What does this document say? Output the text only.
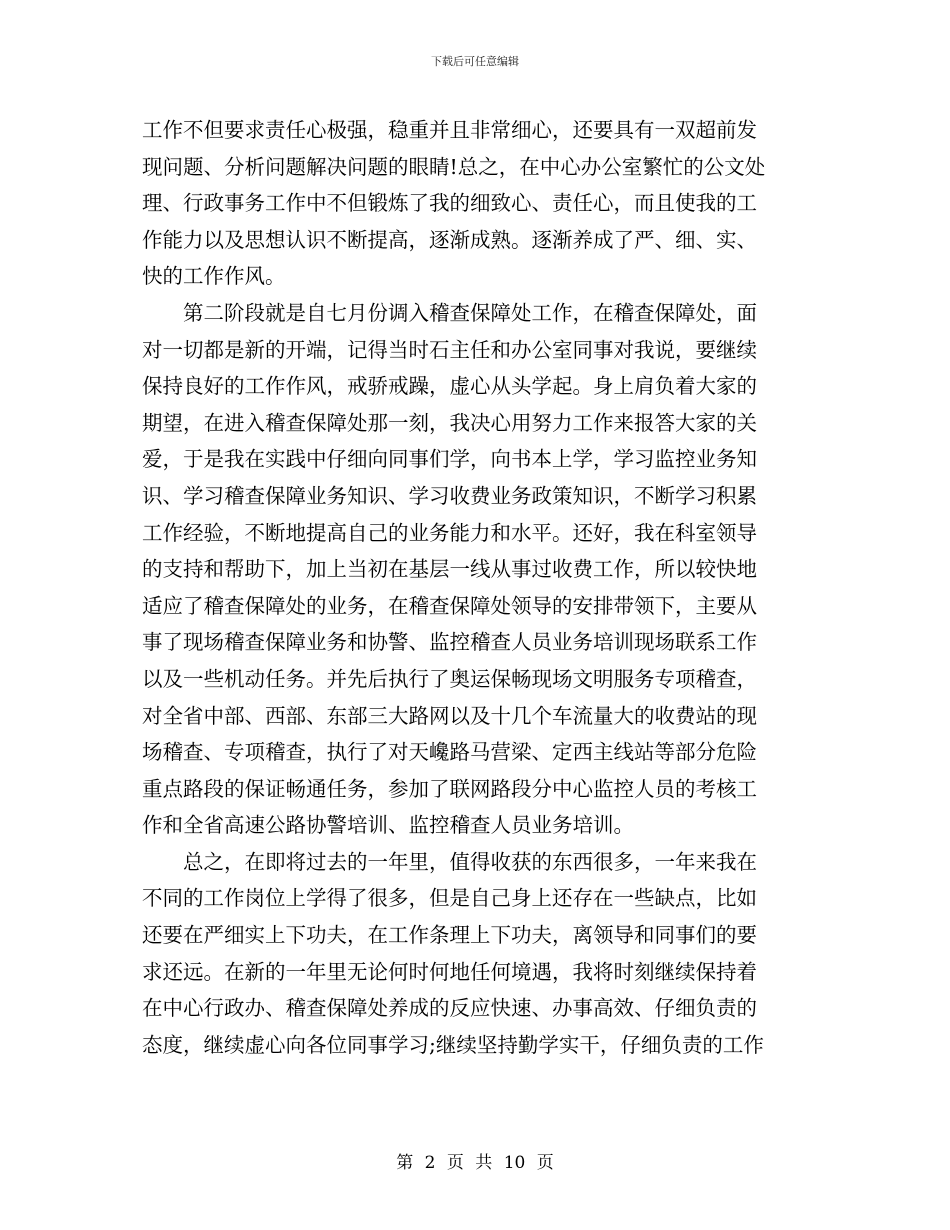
下载后可任意编辑
工作不但要求责任心极强，稳重并且非常细心，还要具有一双超前发
现问题、分析问题解决问题的眼睛!总之，在中心办公室繁忙的公文处
理、行政事务工作中不但锻炼了我的细致心、责任心，而且使我的工
作能力以及思想认识不断提高，逐渐成熟。逐渐养成了严、细、实、
快的工作作风。
第二阶段就是自七月份调入稽查保障处工作，在稽查保障处，面
对一切都是新的开端，记得当时石主任和办公室同事对我说，要继续
保持良好的工作作风，戒骄戒躁，虚心从头学起。身上肩负着大家的
期望，在进入稽查保障处那一刻，我决心用努力工作来报答大家的关
爱，于是我在实践中仔细向同事们学，向书本上学，学习监控业务知
识、学习稽查保障业务知识、学习收费业务政策知识，不断学习积累
工作经验，不断地提高自己的业务能力和水平。还好，我在科室领导
的支持和帮助下，加上当初在基层一线从事过收费工作，所以较快地
适应了稽查保障处的业务，在稽查保障处领导的安排带领下，主要从
事了现场稽查保障业务和协警、监控稽查人员业务培训现场联系工作
以及一些机动任务。并先后执行了奥运保畅现场文明服务专项稽查，
对全省中部、西部、东部三大路网以及十几个车流量大的收费站的现
场稽查、专项稽查，执行了对天巉路马营梁、定西主线站等部分危险
重点路段的保证畅通任务，参加了联网路段分中心监控人员的考核工
作和全省高速公路协警培训、监控稽查人员业务培训。
总之，在即将过去的一年里，值得收获的东西很多，一年来我在
不同的工作岗位上学得了很多，但是自己身上还存在一些缺点，比如
还要在严细实上下功夫，在工作条理上下功夫，离领导和同事们的要
求还远。在新的一年里无论何时何地任何境遇，我将时刻继续保持着
在中心行政办、稽查保障处养成的反应快速、办事高效、仔细负责的
态度，继续虚心向各位同事学习;继续坚持勤学实干，仔细负责的工作
第 2 页 共 10 页
